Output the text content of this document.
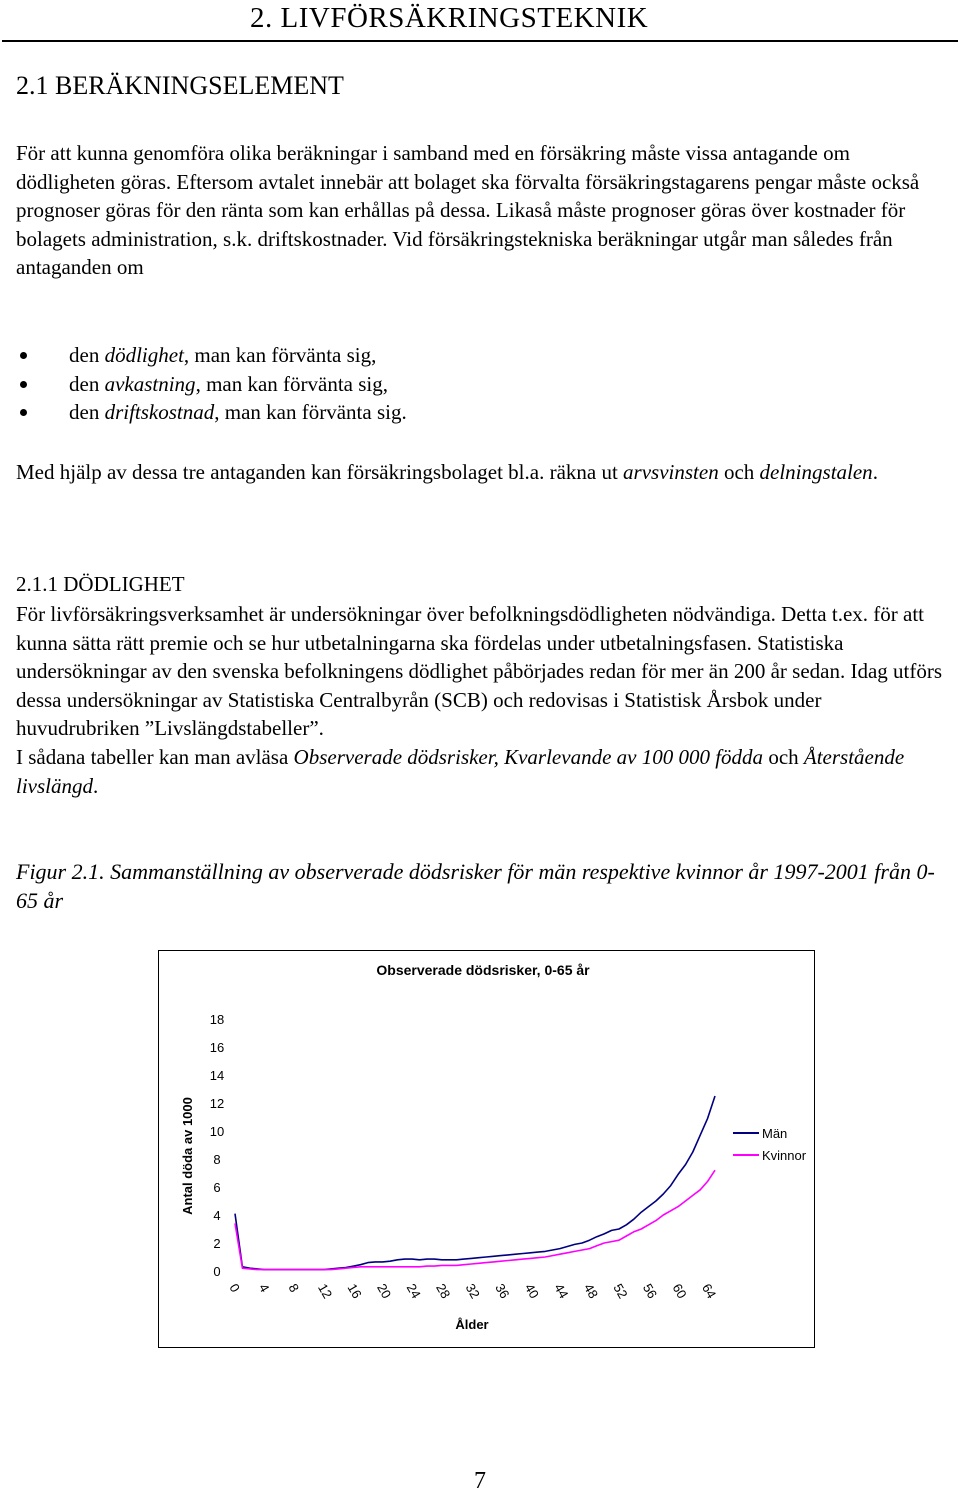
2. LIVFÖRSÄKRINGSTEKNIK
2.1 BERÄKNINGSELEMENT

För att kunna genomföra olika beräkningar i samband med en försäkring måste vissa antagande om dödligheten göras. Eftersom avtalet innebär att bolaget ska förvalta försäkringstagarens pengar måste också prognoser göras för den ränta som kan erhållas på dessa. Likaså måste prognoser göras över kostnader för bolagets administration, s.k. driftskostnader. Vid försäkringstekniska beräkningar utgår man således från antaganden om

den dödlighet, man kan förvänta sig,
den avkastning, man kan förvänta sig,
den driftskostnad, man kan förvänta sig.
Med hjälp av dessa tre antaganden kan försäkringsbolaget bl.a. räkna ut arvsvinsten och delningstalen.
2.1.1 DÖDLIGHET

För livförsäkringsverksamhet är undersökningar över befolkningsdödligheten nödvändiga. Detta t.ex. för att kunna sätta rätt premie och se hur utbetalningarna ska fördelas under utbetalningsfasen. Statistiska undersökningar av den svenska befolkningens dödlighet påbörjades redan för mer än 200 år sedan. Idag utförs dessa undersökningar av Statistiska Centralbyrån (SCB) och redovisas i Statistisk Årsbok under huvudrubriken ”Livslängdstabeller”.

I sådana tabeller kan man avläsa Observerade dödsrisker, Kvarlevande av 100 000 födda och Återstående livslängd.

Figur 2.1. Sammanställning av observerade dödsrisker för män respektive kvinnor år 1997-2001 från 0-65 år
Observerade dödsrisker, 0-65 år
Antal döda av 1000
Ålder
0
2
4
6
8
10
12
14
16
18
0 4 8 12 16 20 24 28 32 36 40 44 48 52 56 60 64
Män
Kvinnor
7
